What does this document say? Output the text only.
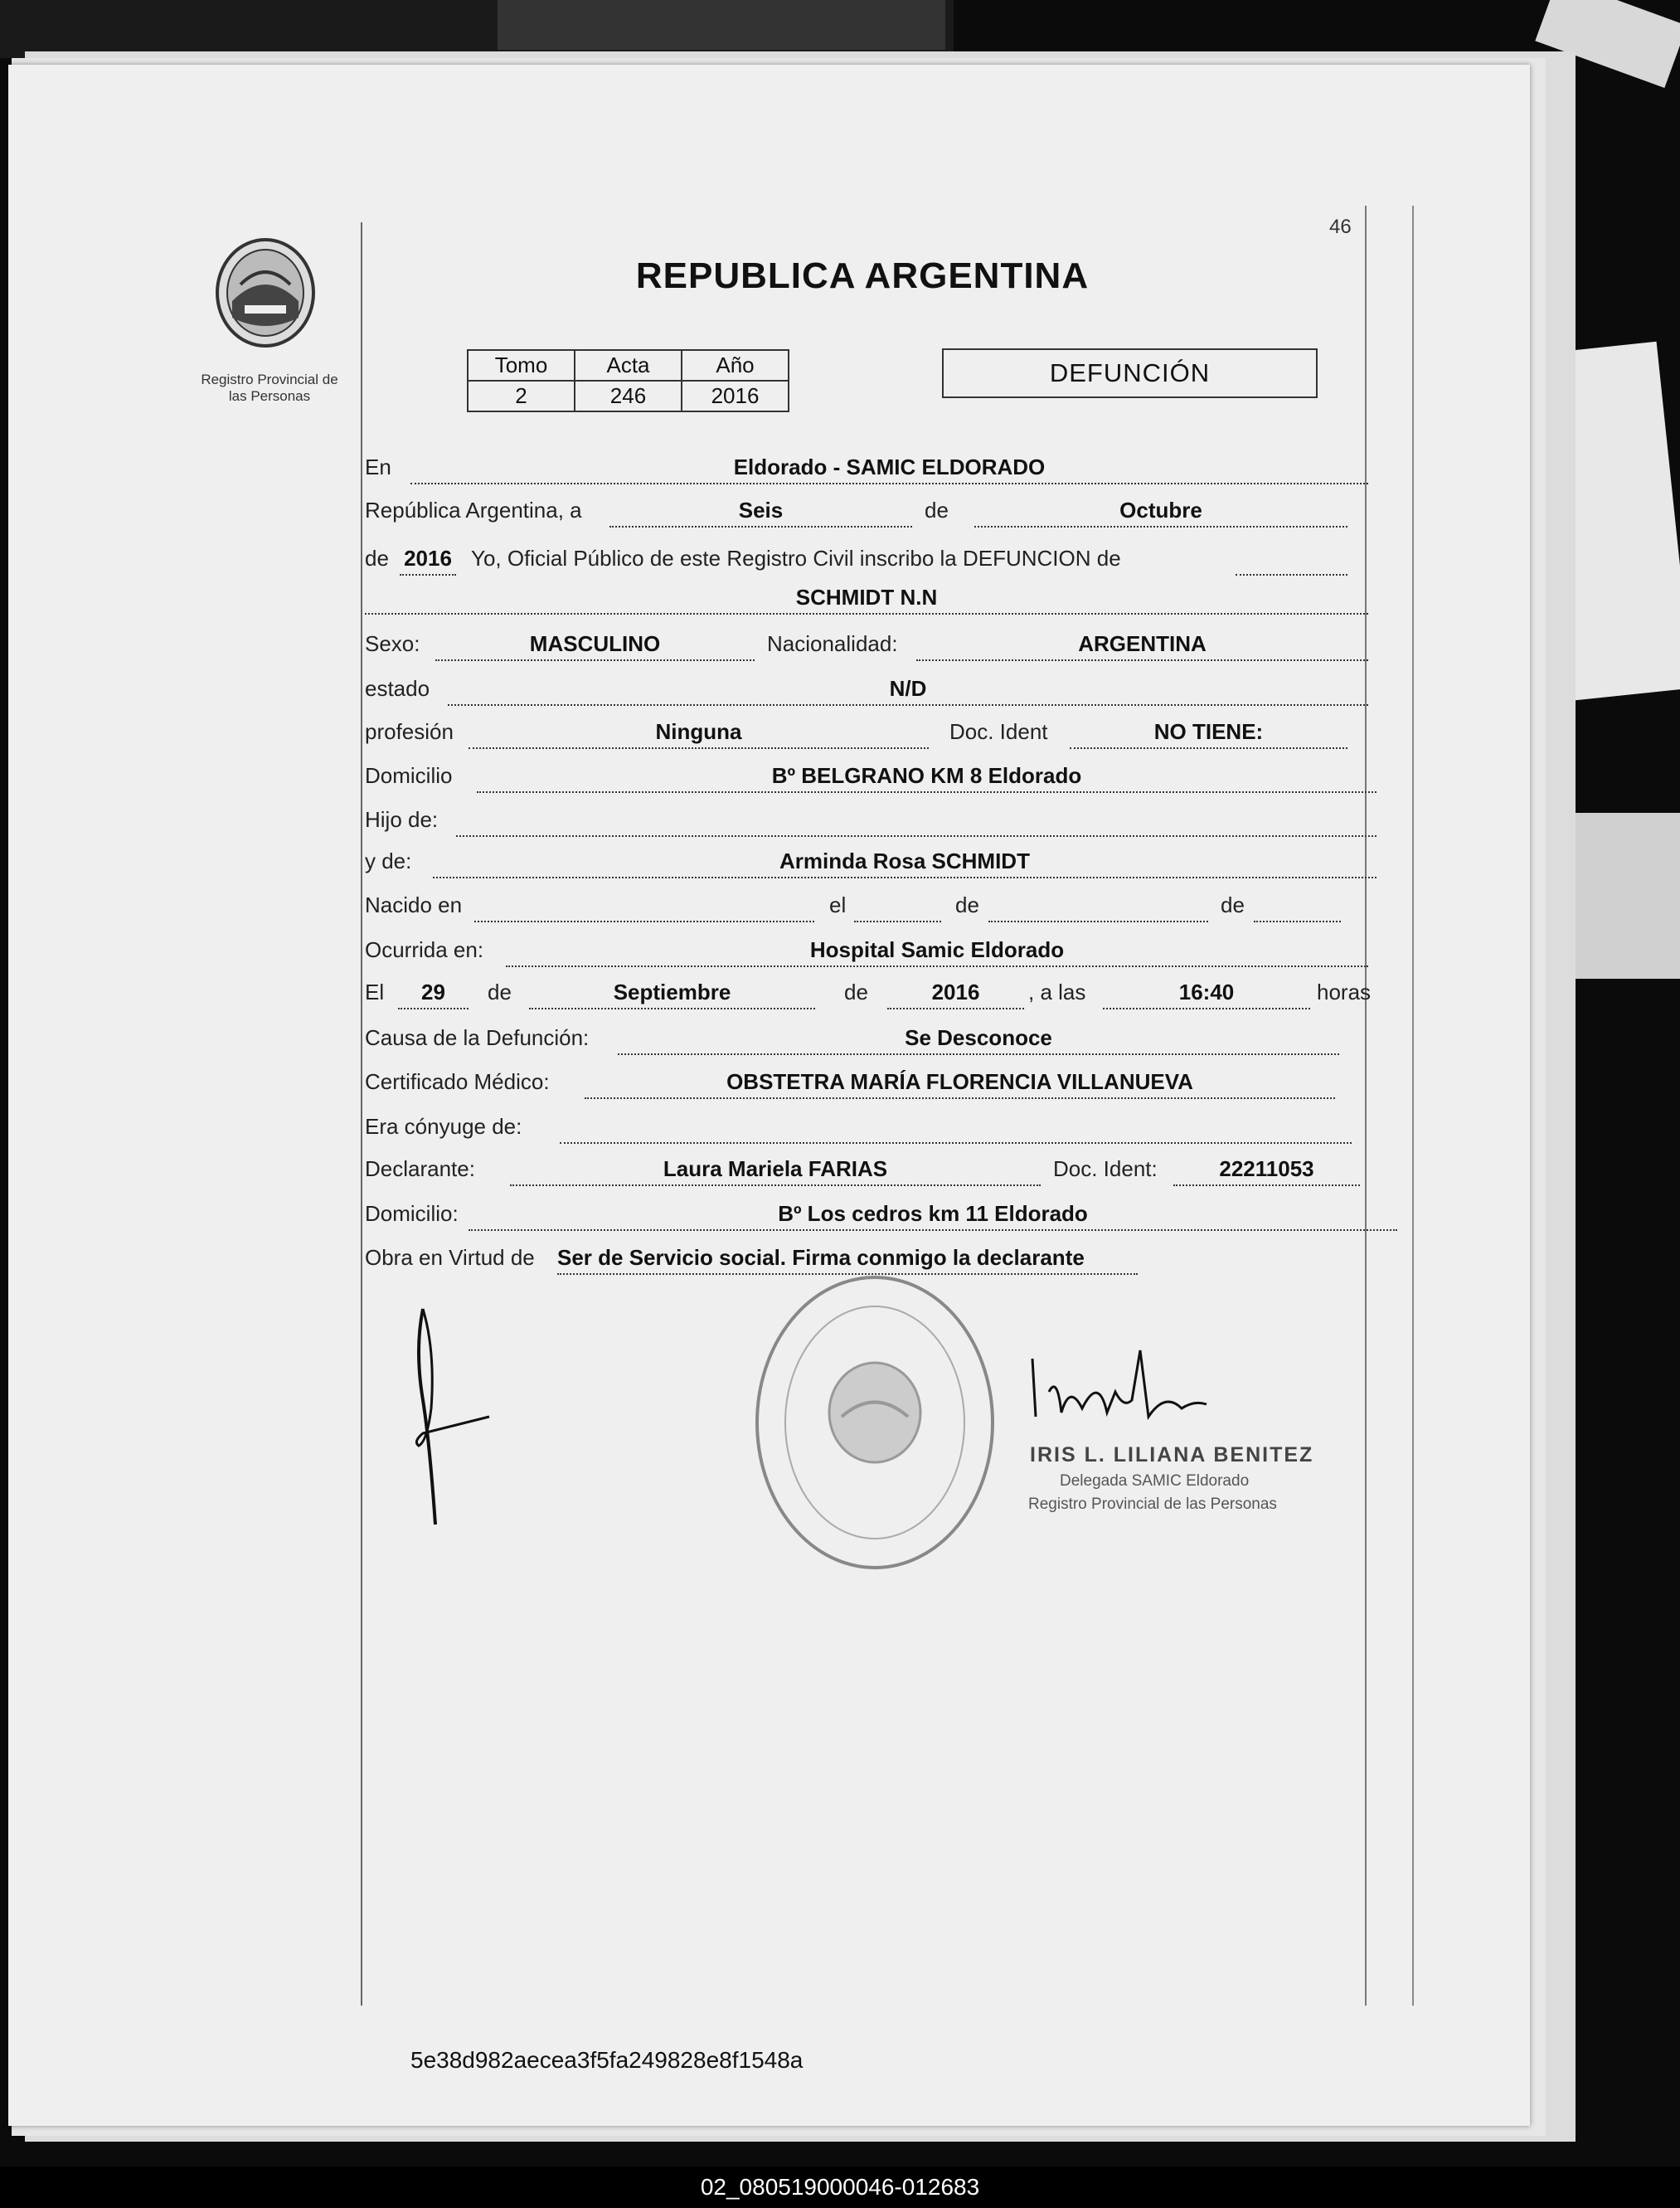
46
Registro Provincial de
las Personas
REPUBLICA ARGENTINA
Tomo	Acta	Año
2	246	2016
DEFUNCIÓN
En	Eldorado - SAMIC ELDORADO
República Argentina, a	Seis	de	Octubre
de 2016 Yo, Oficial Público de este Registro Civil inscribo la DEFUNCION de
SCHMIDT N.N
Sexo:	MASCULINO	Nacionalidad:	ARGENTINA
estado	N/D
profesión	Ninguna	Doc. Ident	NO TIENE:
Domicilio	Bº BELGRANO KM 8 Eldorado
Hijo de:
y de:	Arminda Rosa SCHMIDT
Nacido en	el	de	de
Ocurrida en:	Hospital Samic Eldorado
El	29	de	Septiembre	de	2016	, a las	16:40	horas
Causa de la Defunción:	Se Desconoce
Certificado Médico:	OBSTETRA MARÍA FLORENCIA VILLANUEVA
Era cónyuge de:
Declarante:	Laura Mariela FARIAS	Doc. Ident:	22211053
Domicilio:	Bº Los cedros km 11 Eldorado
Obra en Virtud de Ser de Servicio social. Firma conmigo la declarante
IRIS L. LILIANA BENITEZ
Delegada SAMIC Eldorado
Registro Provincial de las Personas
5e38d982aecea3f5fa249828e8f1548a
02_080519000046-012683
